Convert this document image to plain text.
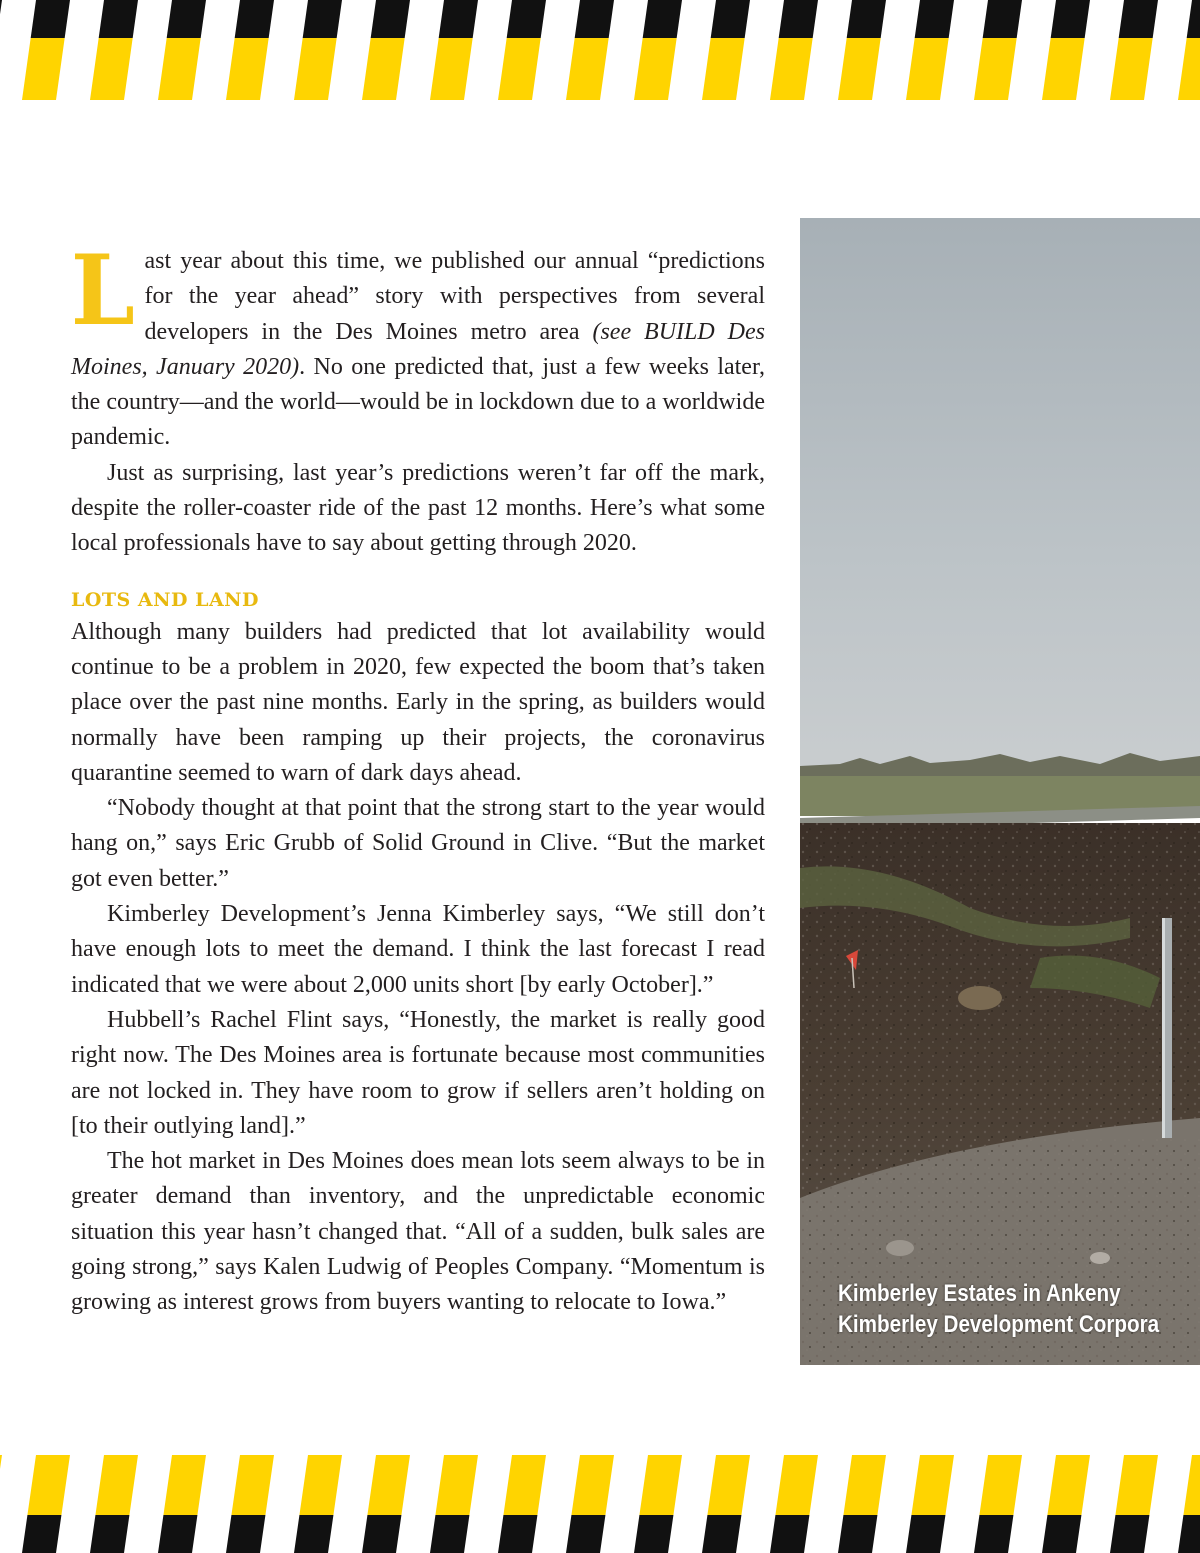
Last year about this time, we published our annual “predictions for the year ahead” story with perspectives from several developers in the Des Moines metro area (see BUILD Des Moines, January 2020). No one predicted that, just a few weeks later, the country—and the world—would be in lockdown due to a worldwide pandemic.

Just as surprising, last year’s predictions weren’t far off the mark, despite the roller-coaster ride of the past 12 months. Here’s what some local professionals have to say about getting through 2020.

LOTS AND LAND

Although many builders had predicted that lot availability would continue to be a problem in 2020, few expected the boom that’s taken place over the past nine months. Early in the spring, as builders would normally have been ramping up their projects, the coronavirus quarantine seemed to warn of dark days ahead.

“Nobody thought at that point that the strong start to the year would hang on,” says Eric Grubb of Solid Ground in Clive. “But the market got even better.”

Kimberley Development’s Jenna Kimberley says, “We still don’t have enough lots to meet the demand. I think the last forecast I read indicated that we were about 2,000 units short [by early October].”

Hubbell’s Rachel Flint says, “Honestly, the market is really good right now. The Des Moines area is fortunate because most communities are not locked in. They have room to grow if sellers aren’t holding on [to their outlying land].”

The hot market in Des Moines does mean lots seem always to be in greater demand than inventory, and the unpredictable economic situation this year hasn’t changed that. “All of a sudden, bulk sales are going strong,” says Kalen Ludwig of Peoples Company. “Momentum is growing as interest grows from buyers wanting to relocate to Iowa.”	Kimberley Estates in Ankeny
Kimberley Development Corpora
